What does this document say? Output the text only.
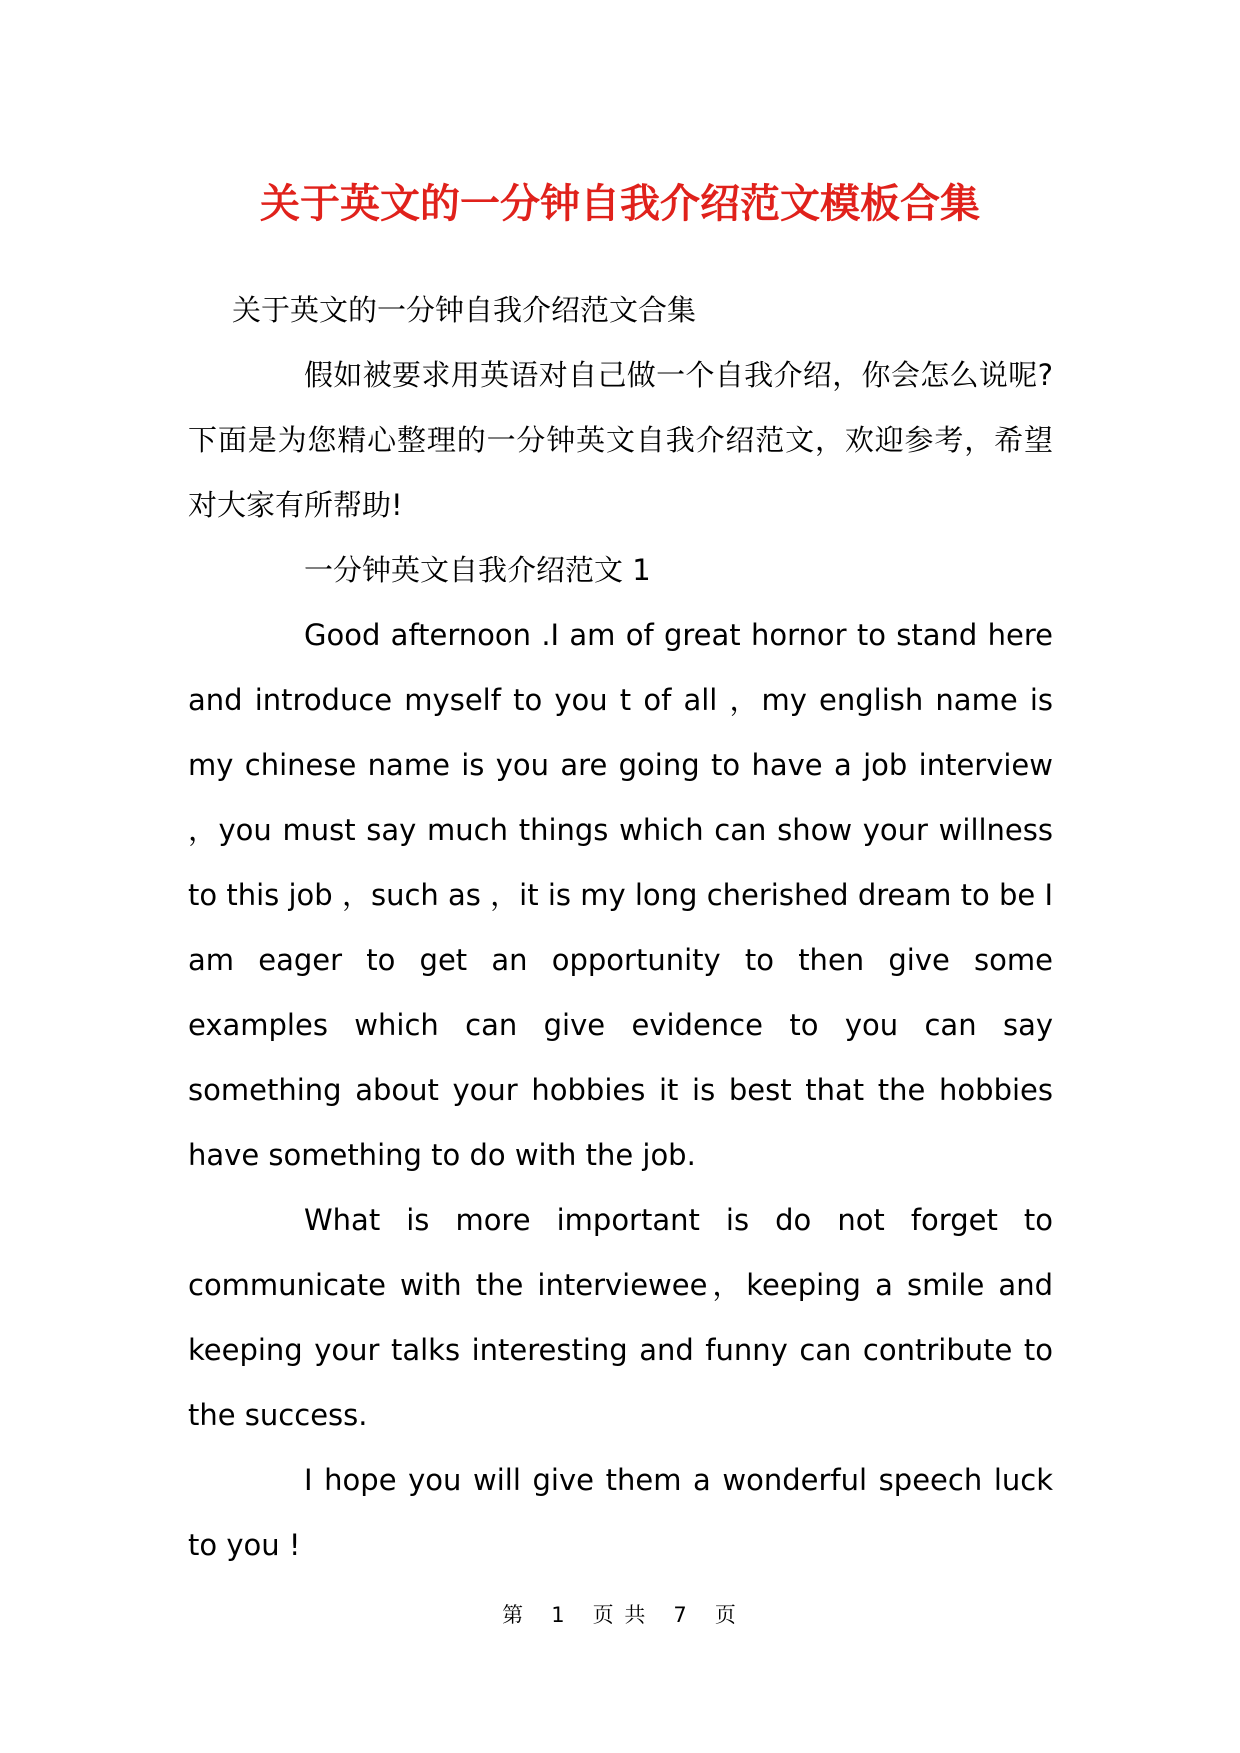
关于英文的一分钟自我介绍范文模板合集

关于英文的一分钟自我介绍范文合集

假如被要求用英语对自己做一个自我介绍，你会怎么说呢?下面是为您精心整理的一分钟英文自我介绍范文，欢迎参考，希望对大家有所帮助!

一分钟英文自我介绍范文 1

Good afternoon .I am of great hornor to stand here and introduce myself to you t of all ，my english name is my chinese name is you are going to have a job interview ，you must say much things which can show your willness to this job ，such as ，it is my long cherished dream to be I am eager to get an opportunity to then give some examples which can give evidence to you can say something about your hobbies it is best that the hobbies have something to do with the job.

What is more important is do not forget to communicate with the interviewee，keeping a smile and keeping your talks interesting and funny can contribute to the success.

I hope you will give them a wonderful speech luck to you !

第 1 页 共 7 页
